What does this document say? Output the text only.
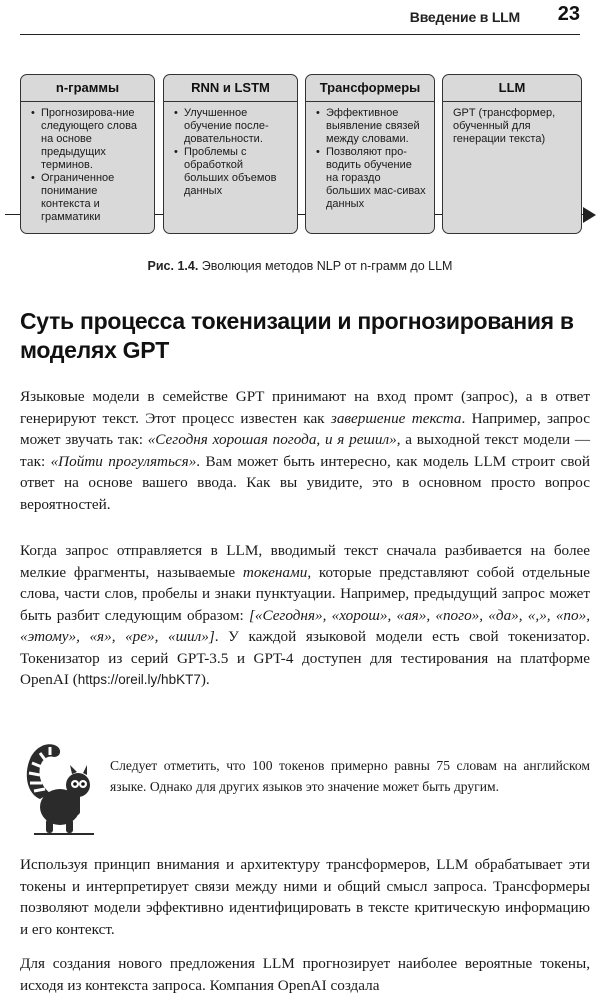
Введение в LLM 23
n-граммы
• Прогнозирова-ние следующего слова на основе предыдущих терминов.
• Ограниченное понимание контекста и грамматики
RNN и LSTM
• Улучшенное обучение после-довательности.
• Проблемы с обработкой больших объемов данных
Трансформеры
• Эффективное выявление связей между словами.
• Позволяют про-водить обучение на гораздо больших мас-сивах данных
LLM

GPT (трансформер, обученный для генерации текста)

Рис. 1.4. Эволюция методов NLP от n-грамм до LLM
Суть процесса токенизации и прогнозирования в моделях GPT

Языковые модели в семействе GPT принимают на вход промт (запрос), а в ответ генерируют текст. Этот процесс известен как завершение текста. Например, запрос может звучать так: «Сегодня хорошая погода, и я решил», а выходной текст модели — так: «Пойти прогуляться». Вам может быть интересно, как модель LLM строит свой ответ на основе вашего ввода. Как вы увидите, это в основном просто вопрос вероятностей.

Когда запрос отправляется в LLM, вводимый текст сначала разбивается на более мелкие фрагменты, называемые токенами, которые представляют собой отдельные слова, части слов, пробелы и знаки пунктуации. Например, предыдущий запрос может быть разбит следующим образом: [«Сегодня», «хорош», «ая», «пого», «да», «,», «по», «этому», «я», «ре», «шил»]. У каждой языковой модели есть свой токенизатор. Токенизатор из серий GPT-3.5 и GPT-4 доступен для тестирования на платформе OpenAI (https://oreil.ly/hbKT7).

Следует отметить, что 100 токенов примерно равны 75 словам на английском языке. Однако для других языков это значение может быть другим.

Используя принцип внимания и архитектуру трансформеров, LLM обрабатывает эти токены и интерпретирует связи между ними и общий смысл запроса. Трансформеры позволяют модели эффективно идентифицировать в тексте критическую информацию и его контекст.

Для создания нового предложения LLM прогнозирует наиболее вероятные токены, исходя из контекста запроса. Компания OpenAI создала
